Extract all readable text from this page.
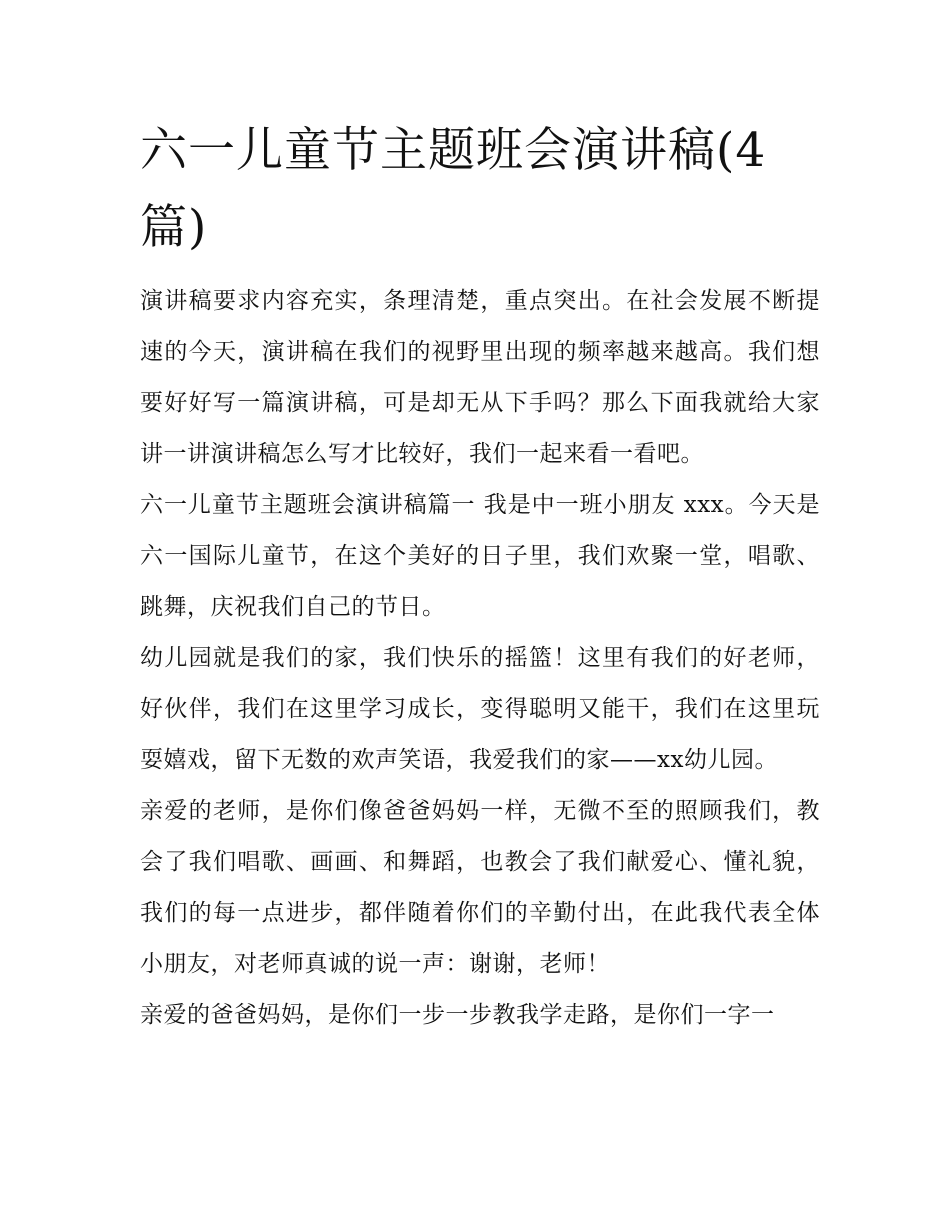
六一儿童节主题班会演讲稿(4篇)

演讲稿要求内容充实，条理清楚，重点突出。在社会发展不断提速的今天，演讲稿在我们的视野里出现的频率越来越高。我们想要好好写一篇演讲稿，可是却无从下手吗？那么下面我就给大家讲一讲演讲稿怎么写才比较好，我们一起来看一看吧。

六一儿童节主题班会演讲稿篇一 我是中一班小朋友 xxx。今天是六一国际儿童节，在这个美好的日子里，我们欢聚一堂，唱歌、跳舞，庆祝我们自己的节日。

幼儿园就是我们的家，我们快乐的摇篮！这里有我们的好老师，好伙伴，我们在这里学习成长，变得聪明又能干，我们在这里玩耍嬉戏，留下无数的欢声笑语，我爱我们的家——xx幼儿园。

亲爱的老师，是你们像爸爸妈妈一样，无微不至的照顾我们，教会了我们唱歌、画画、和舞蹈，也教会了我们献爱心、懂礼貌，我们的每一点进步，都伴随着你们的辛勤付出，在此我代表全体小朋友，对老师真诚的说一声：谢谢，老师！

亲爱的爸爸妈妈，是你们一步一步教我学走路，是你们一字一
